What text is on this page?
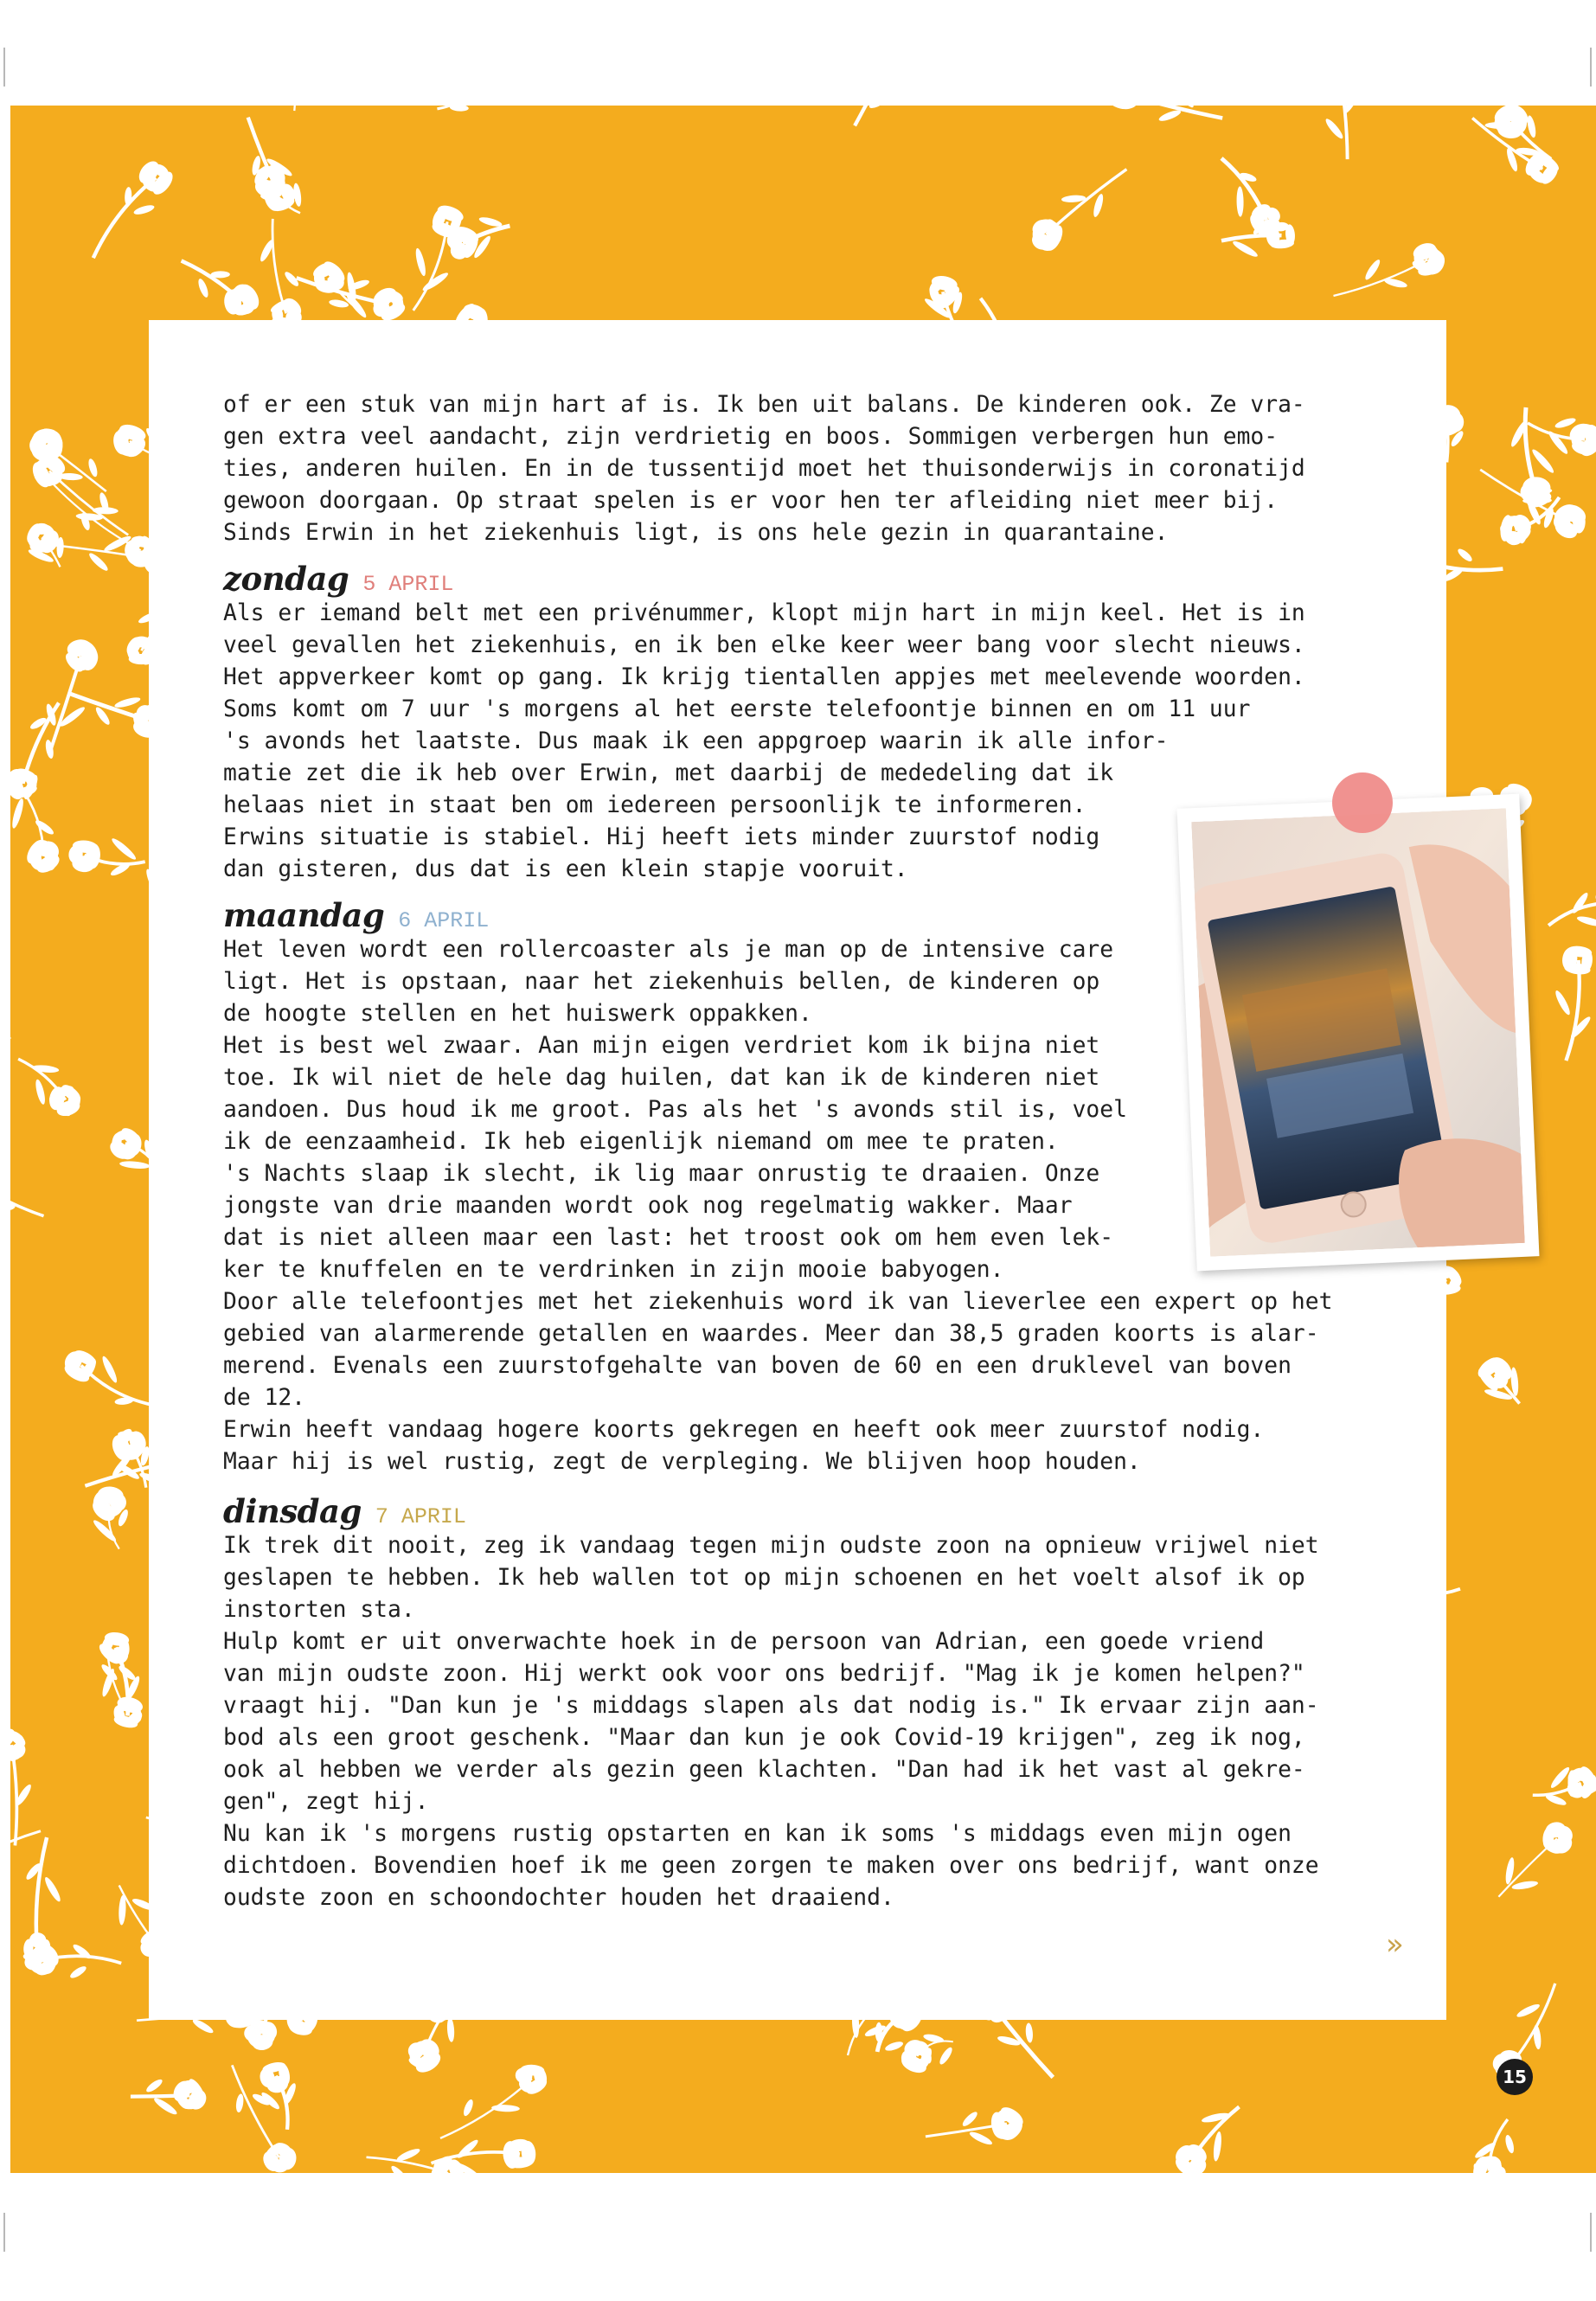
of er een stuk van mijn hart af is. Ik ben uit balans. De kinderen ook. Ze vra-
gen extra veel aandacht, zijn verdrietig en boos. Sommigen verbergen hun emo-
ties, anderen huilen. En in de tussentijd moet het thuisonderwijs in coronatijd
gewoon doorgaan. Op straat spelen is er voor hen ter afleiding niet meer bij.
Sinds Erwin in het ziekenhuis ligt, is ons hele gezin in quarantaine.
zondag 5 APRIL
Als er iemand belt met een privénummer, klopt mijn hart in mijn keel. Het is in
veel gevallen het ziekenhuis, en ik ben elke keer weer bang voor slecht nieuws.
Het appverkeer komt op gang. Ik krijg tientallen appjes met meelevende woorden.
Soms komt om 7 uur 's morgens al het eerste telefoontje binnen en om 11 uur
's avonds het laatste. Dus maak ik een appgroep waarin ik alle infor-
matie zet die ik heb over Erwin, met daarbij de mededeling dat ik
helaas niet in staat ben om iedereen persoonlijk te informeren.
Erwins situatie is stabiel. Hij heeft iets minder zuurstof nodig
dan gisteren, dus dat is een klein stapje vooruit.
maandag 6 APRIL
Het leven wordt een rollercoaster als je man op de intensive care
ligt. Het is opstaan, naar het ziekenhuis bellen, de kinderen op
de hoogte stellen en het huiswerk oppakken.
Het is best wel zwaar. Aan mijn eigen verdriet kom ik bijna niet
toe. Ik wil niet de hele dag huilen, dat kan ik de kinderen niet
aandoen. Dus houd ik me groot. Pas als het 's avonds stil is, voel
ik de eenzaamheid. Ik heb eigenlijk niemand om mee te praten.
's Nachts slaap ik slecht, ik lig maar onrustig te draaien. Onze
jongste van drie maanden wordt ook nog regelmatig wakker. Maar
dat is niet alleen maar een last: het troost ook om hem even lek-
ker te knuffelen en te verdrinken in zijn mooie babyogen.
Door alle telefoontjes met het ziekenhuis word ik van lieverlee een expert op het
gebied van alarmerende getallen en waardes. Meer dan 38,5 graden koorts is alar-
merend. Evenals een zuurstofgehalte van boven de 60 en een druklevel van boven
de 12.
Erwin heeft vandaag hogere koorts gekregen en heeft ook meer zuurstof nodig.
Maar hij is wel rustig, zegt de verpleging. We blijven hoop houden.
dinsdag 7 APRIL
Ik trek dit nooit, zeg ik vandaag tegen mijn oudste zoon na opnieuw vrijwel niet
geslapen te hebben. Ik heb wallen tot op mijn schoenen en het voelt alsof ik op
instorten sta.
Hulp komt er uit onverwachte hoek in de persoon van Adrian, een goede vriend
van mijn oudste zoon. Hij werkt ook voor ons bedrijf. "Mag ik je komen helpen?"
vraagt hij. "Dan kun je 's middags slapen als dat nodig is." Ik ervaar zijn aan-
bod als een groot geschenk. "Maar dan kun je ook Covid-19 krijgen", zeg ik nog,
ook al hebben we verder als gezin geen klachten. "Dan had ik het vast al gekre-
gen", zegt hij.
Nu kan ik 's morgens rustig opstarten en kan ik soms 's middags even mijn ogen
dichtdoen. Bovendien hoef ik me geen zorgen te maken over ons bedrijf, want onze
oudste zoon en schoondochter houden het draaiend.
»
15
